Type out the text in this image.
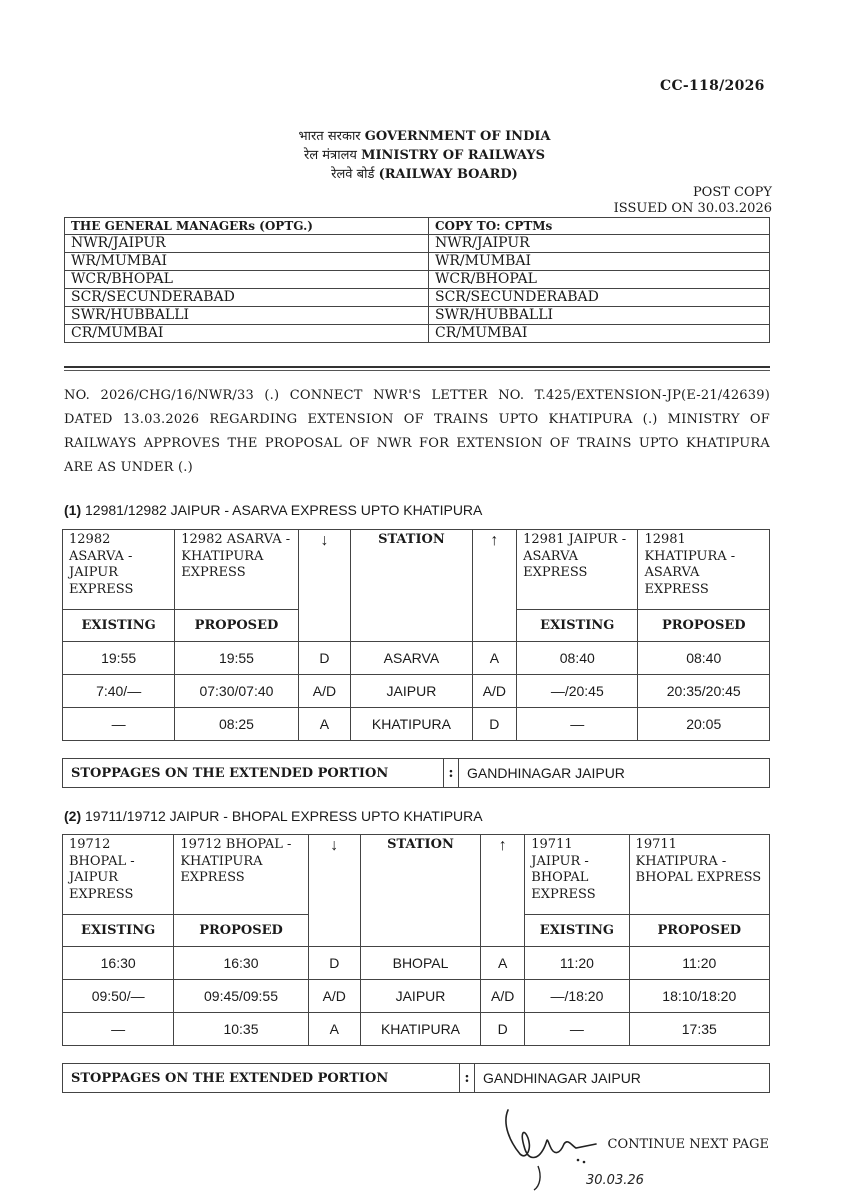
CC-118/2026
भारत सरकार GOVERNMENT OF INDIA
रेल मंत्रालय MINISTRY OF RAILWAYS
रेलवे बोर्ड (RAILWAY BOARD)
POST COPY
ISSUED ON 30.03.2026
THE GENERAL MANAGERs (OPTG.)	COPY TO: CPTMs
NWR/JAIPUR	NWR/JAIPUR
WR/MUMBAI	WR/MUMBAI
WCR/BHOPAL	WCR/BHOPAL
SCR/SECUNDERABAD	SCR/SECUNDERABAD
SWR/HUBBALLI	SWR/HUBBALLI
CR/MUMBAI	CR/MUMBAI
NO. 2026/CHG/16/NWR/33 (.) CONNECT NWR'S LETTER NO. T.425/EXTENSION-JP(E-21/42639) DATED 13.03.2026 REGARDING EXTENSION OF TRAINS UPTO KHATIPURA (.) MINISTRY OF RAILWAYS APPROVES THE PROPOSAL OF NWR FOR EXTENSION OF TRAINS UPTO KHATIPURA ARE AS UNDER (.)
(1) 12981/12982 JAIPUR - ASARVA EXPRESS UPTO KHATIPURA
12982 ASARVA - JAIPUR EXPRESS	12982 ASARVA - KHATIPURA EXPRESS	↓	STATION	↑	12981 JAIPUR - ASARVA EXPRESS	12981 KHATIPURA - ASARVA EXPRESS
EXISTING	PROPOSED				EXISTING	PROPOSED
19:55	19:55	D	ASARVA	A	08:40	08:40
7:40/—	07:30/07:40	A/D	JAIPUR	A/D	—/20:45	20:35/20:45
—	08:25	A	KHATIPURA	D	—	20:05
STOPPAGES ON THE EXTENDED PORTION	:	GANDHINAGAR JAIPUR
(2) 19711/19712 JAIPUR - BHOPAL EXPRESS UPTO KHATIPURA
19712 BHOPAL - JAIPUR EXPRESS	19712 BHOPAL - KHATIPURA EXPRESS	↓	STATION	↑	19711 JAIPUR - BHOPAL EXPRESS	19711 KHATIPURA - BHOPAL EXPRESS
EXISTING	PROPOSED				EXISTING	PROPOSED
16:30	16:30	D	BHOPAL	A	11:20	11:20
09:50/—	09:45/09:55	A/D	JAIPUR	A/D	—/18:20	18:10/18:20
—	10:35	A	KHATIPURA	D	—	17:35
STOPPAGES ON THE EXTENDED PORTION	:	GANDHINAGAR JAIPUR
30.03.26
CONTINUE NEXT PAGE
